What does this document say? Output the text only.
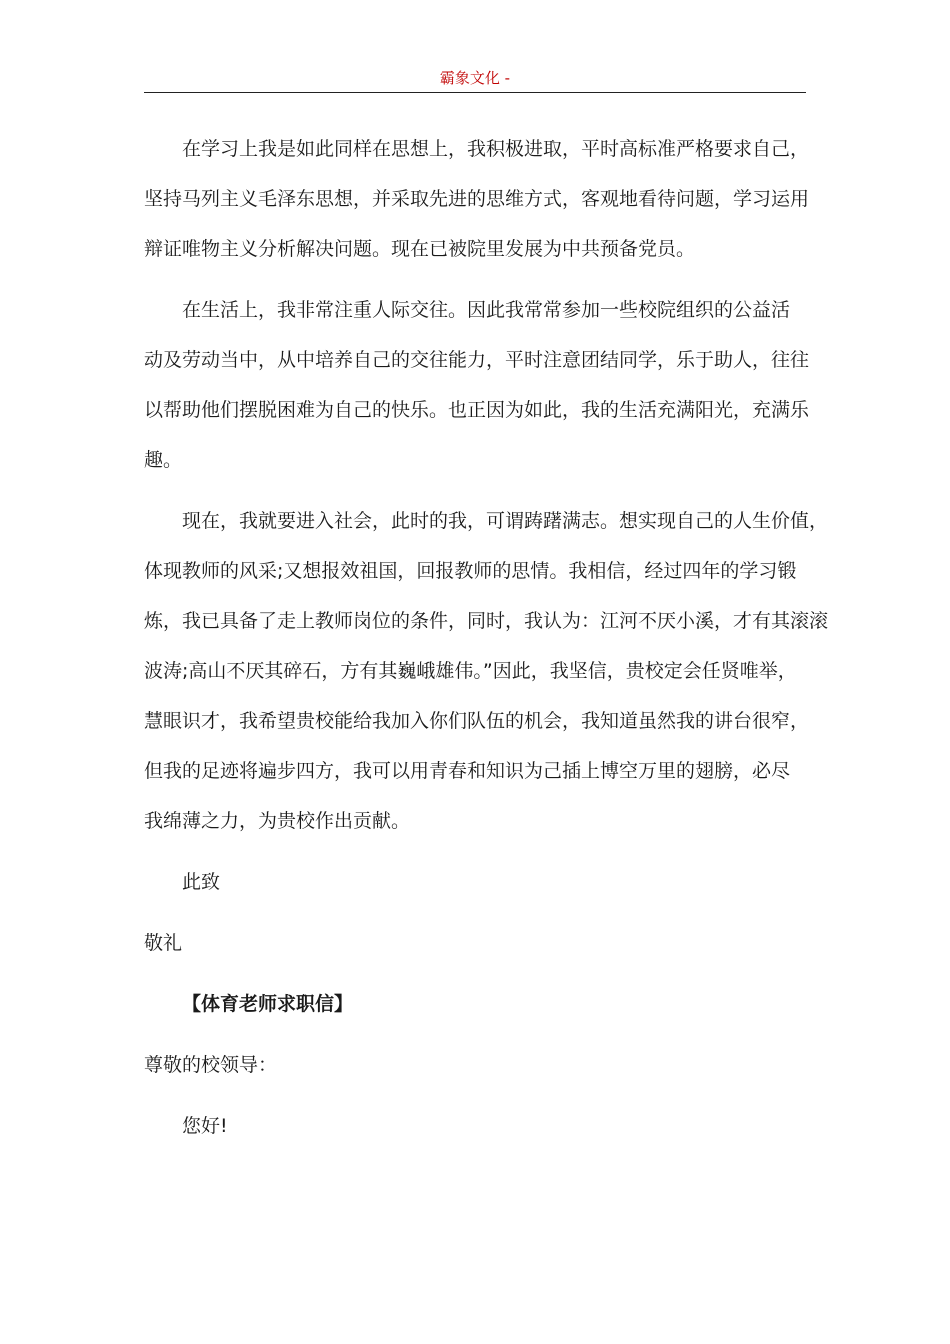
霸象文化 -
在学习上我是如此同样在思想上，我积极进取，平时高标准严格要求自己，
坚持马列主义毛泽东思想，并采取先进的思维方式，客观地看待问题，学习运用
辩证唯物主义分析解决问题。现在已被院里发展为中共预备党员。
在生活上，我非常注重人际交往。因此我常常参加一些校院组织的公益活
动及劳动当中，从中培养自己的交往能力，平时注意团结同学，乐于助人，往往
以帮助他们摆脱困难为自己的快乐。也正因为如此，我的生活充满阳光，充满乐
趣。
现在，我就要进入社会，此时的我，可谓踌躇满志。想实现自己的人生价值，
体现教师的风采;又想报效祖国，回报教师的思情。我相信，经过四年的学习锻
炼，我已具备了走上教师岗位的条件，同时，我认为：江河不厌小溪，才有其滚滚
波涛;高山不厌其碎石，方有其巍峨雄伟。”因此，我坚信，贵校定会任贤唯举，
慧眼识才，我希望贵校能给我加入你们队伍的机会，我知道虽然我的讲台很窄，
但我的足迹将遍步四方，我可以用青春和知识为己插上博空万里的翅膀，必尽
我绵薄之力，为贵校作出贡献。
此致
敬礼
【体育老师求职信】
尊敬的校领导：
您好!
